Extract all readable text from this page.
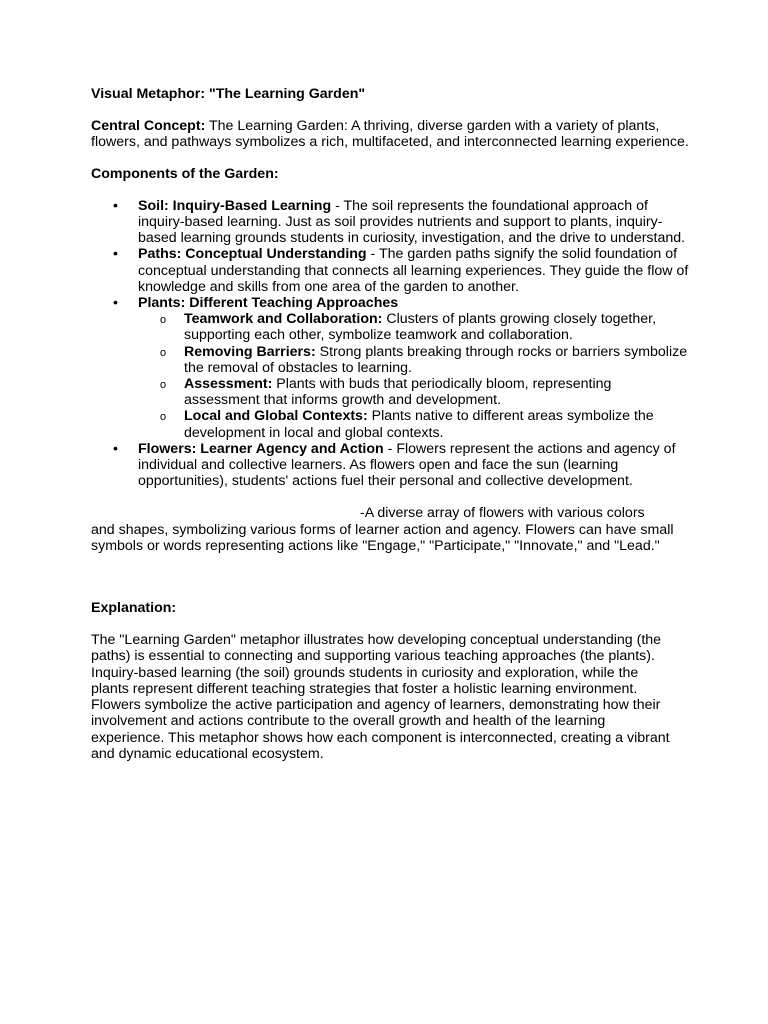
Visual Metaphor: "The Learning Garden"

Central Concept: The Learning Garden: A thriving, diverse garden with a variety of plants, flowers, and pathways symbolizes a rich, multifaceted, and interconnected learning experience.

Components of the Garden:

• Soil: Inquiry-Based Learning - The soil represents the foundational approach of inquiry-based learning. Just as soil provides nutrients and support to plants, inquiry-based learning grounds students in curiosity, investigation, and the drive to understand.
• Paths: Conceptual Understanding - The garden paths signify the solid foundation of conceptual understanding that connects all learning experiences. They guide the flow of knowledge and skills from one area of the garden to another.
• Plants: Different Teaching Approaches
o Teamwork and Collaboration: Clusters of plants growing closely together, supporting each other, symbolize teamwork and collaboration.
o Removing Barriers: Strong plants breaking through rocks or barriers symbolize the removal of obstacles to learning.
o Assessment: Plants with buds that periodically bloom, representing assessment that informs growth and development.
o Local and Global Contexts: Plants native to different areas symbolize the development in local and global contexts.
• Flowers: Learner Agency and Action - Flowers represent the actions and agency of individual and collective learners. As flowers open and face the sun (learning opportunities), students' actions fuel their personal and collective development.

-A diverse array of flowers with various colors

and shapes, symbolizing various forms of learner action and agency. Flowers can have small symbols or words representing actions like "Engage," "Participate," "Innovate," and "Lead."

Explanation:

The "Learning Garden" metaphor illustrates how developing conceptual understanding (the paths) is essential to connecting and supporting various teaching approaches (the plants). Inquiry-based learning (the soil) grounds students in curiosity and exploration, while the plants represent different teaching strategies that foster a holistic learning environment. Flowers symbolize the active participation and agency of learners, demonstrating how their involvement and actions contribute to the overall growth and health of the learning experience. This metaphor shows how each component is interconnected, creating a vibrant and dynamic educational ecosystem.
